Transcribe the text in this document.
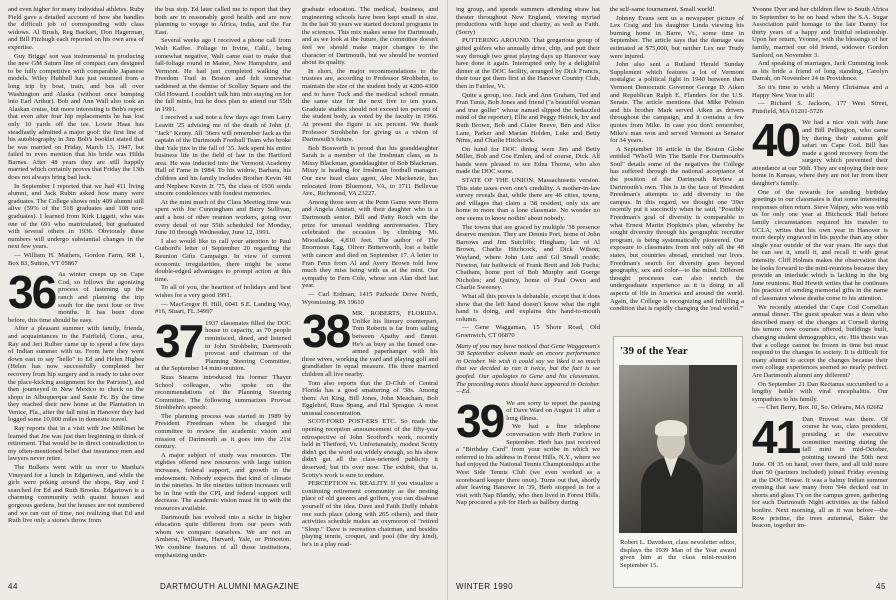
and even higher for many individual athletes. Ruby Field gave a detailed account of how she handles the difficult job of corresponding with class widows. Al Brush, Reg Backart, Don Hagerman, and Bill Fitzhugh each reported on his own area of expertise.

Guy Briggs' son was instrumental in producing the new GM Saturn line of compact cars designed to be fully competitive with comparable Japanese models. Wiley Hubbell has just returned from a long trip by boat, train, and bus all over Washington and Alaska (without once bumping into Earl Arthur). Bob and Ann Wall also took an Alaskan cruise, but more interesting is Bob's report that even after four hip replacements he has lost only 10 yards off the tee. Lowie Haas has steadfastly admitted a major goof: the first line of his autobiography in Jim Bolt's booklet stated that he was married on Friday, March 13, 1947, but failed to even mention that his bride was Hilda Barnes. After 48 years they are still happily married which certainly proves that Friday the 13th does not always bring bad luck.

In September I reported that we had 411 living alumni, and Jack Rubin asked how many were graduates. The College shows only 409 alumni still alive (59% of the 518 graduates and 108 non-graduates). I learned from Kirk Liggett, who was one of the 691 who matriculated, but graduated with several others in 1936. Obviously these numbers will undergo substantial changes in the next few years.

— William H. Mathers, Gordon Farm, RR 1, Box 83, Sutton, VT 05867

36 As winter creeps up on Cape Cod, so follows the agonizing process of fastening up the ranch and planning the trip south for the next four or five months. It has been done before, this time should be easy.

After a pleasant summer with family, friends, and acquaintances in the Fairfield, Conn., area, Ray and Jeri Rulber came up to spend a few days of Indian summer with us. From here they went down east to say "hello" to Ed and Helen Higbee (Helen has now successfully completed her recovery from hip surgery and is ready to take over the place-kicking assignment for the Patriots!), and then journeyed to New Mexico to check on the shops in Albuquerque and Sante Fe. By the time they reached their new home at the Plantation in Venice, Fla., after the fall mini in Hanover they had logged some 10,000 miles in domestic travel.

Ray reports that in a visit with Joe Millimet he learned that Joe was just then beginning to think of retirement. That would be in direct contradiction to my often-mentioned belief that insurance men and lawyers never retire.

The Bulkers went with us over to Martha's Vineyard for a lunch in Edgartown, and while the girls were poking around the shops, Ray and I searched for Ed and Ruth Brooks. Edgartown is a charming community with quaint houses and gorgeous gardens, but the houses are not numbered and we ran out of time, not realizing that Ed and Ruth live only a stone's throw from

the bus stop. Ed later called me to report that they both are in reasonably good health and are now planning to voyage to Africa, India, and the Far East.

Several weeks ago I received a phone call from Walt Kaffee. Foliage in Irvine, Calif., being somewhat negative, Walt came east to make that fall-foliage round in Maine, New Hampshire, and Vermont. He had just completed walking the Freedom Trail in Boston and felt somewhat saddened at the demise of Scollay Square and the Old Howard. I couldn't talk him into staying on for the fall minis, but he does plan to attend our 55th in 1991.

I received a sad note a few days ago from Larry Leavitt '25 advising me of the death of John (J. "Jack" Kenny. All '36ers will remember Jack as the captain of the Dartmouth Football Team who broke that Yale jinx in the fall of '35. Jack spent his entire business life in the field of law in the Hartford area. He was inducted into the Vermont Academy Hall of Fame in 1984. To his widow, Barbara, his children and his family includes Brother Kevin '48 and Nephew Kevin Jr. '75, the class of 1936 sends sincere condolences with fondest memories.

At the mini much of the Class Meeting time was spent with Joe Cunningham and Barry Sullivan, and a host of other reunion workers, going over every detail of our 55th scheduled for Monday, June 10 through Wednesday, June 12, 1991.

I also would like to call your attention to Paul Guibord's letter of September 20 regarding the Reunion Gifts Campaign. In view of current economic irregularities, there might be some double-edged advantages to prompt action at this time.

To all of you, the heartiest of holidays and best wishes for a very good 1991.

— MacGregor H. Hill, 6041 S.E. Landing Way, #16, Stuart, FL 34997

37 1937 classmates filled the DOC house to capacity, as 70 people reminisced, dined, and listened to John Strohbehn, Dartmouth provost and chairman of the Planning Steering Committee, at the September 14 mini-reunion.

Russ Stearns introduced his former Thayer School colleague, who spoke on the recommendations of the Planning Steering Committee. The following summarizes Provost Strohbehn's speech:

The planning process was started in 1989 by President Freedman when he charged the committee to review the academic vision and mission of Dartmouth as it goes into the 21st century.

A major subject of study was resources. The eighties offered new resources with large tuition increases, federal support, and growth in the endowment. Nobody expects that kind of climate in the nineties. In the nineties tuition increases will be in line with the CPI, and federal support will decrease. The academic vision must fit in with the resources available.

Dartmouth has evolved into a niche in higher education quite different from our peers with whom we compare ourselves. We are not an Amherst, Williams, Harvard, Yale, or Princeton. We combine features of all those institutions, emphasizing under-

graduate education. The medical, business, and engineering schools have been kept small in size. In the last 30 years we started doctoral programs in the sciences. This mix makes sense for Dartmouth, and as we look at the future, the committee doesn't feel we should make major changes to the character of Dartmouth, but we should be worried about its quality.

In short, the major recommendations to the trustees are, according to Professor Strohbehn, to maintain the size of the student body at 4200-4300 and to have Tuck and the medical school remain the same size for the next five to ten years. Graduate studies should not exceed ten percent of the student body, as voted by the faculty in 1966. At present the figure is six percent. We thank Professor Strohbehn for giving us a vision of Dartmouth's future.

Bob Bosworth is proud that his granddaughter Sarah is a member of the freshman class, as is Missy Blackman, granddaughter of Bob Blackman. Missy is heading for freshman football manager. Our new head class agent, Alec Mackenzie, has relocated from Bluemont, VA, to 1711 Bellevue Ave., Richmond, VA 23227.

Among those seen at the Penn Game were Herm and Angela Anstatt, with their daughter who is a Dartmouth senior. Bill and Patty Rotch win the prize for unusual wedding anniversaries. They celebrated the occasion by climbing Mt. Moosilauke, 4,810 feet. The author of The Enormous Egg, Oliver Butterworth, lost a battle with cancer and died on September 17. A letter to Fran Fenn from Al and Avery Brown told how much they miss being with us at the mini. Our sympathy to Fern Cole, whose son Alan died last year.

— Carl Erdman, 1415 Parkside Drive North, Wyomissing, PA 19610

38 MR. ROBERTS, FLORIDA. Unlike his literary counterpart, Tom Roberts is far from sailing between Apathy and Ennui. He's as busy as the famed one-armed paperhanger with his three wives, working the yard and playing golf and grandfather in equal measure. His three married children all live nearby.

Tom also reports that the D-Club of Central Florida has a good smattering of '38s. Among them: Art King, Bill Jones, John Meacham, Bob Egglehof, Russ Spang, and Hal Sprague. A most unusual concentration.

SCOT-FORD POST-ERS ETC. So reads the opening reception announcement of the fifty-year retrospective of John Scotford's work, recently held in Thetford, Vt. Unfortunately, modest Scotty didn't get the word out widely enough, so his show didn't get all the class-oriented publicity it deserved, but it's over now. The exhibit, that is. Scotty's work is sure to endure.

PERCEPTION vs. REALITY. If you visualize a continuing retirement community as the nesting place of old geezers and golfers, you can disabuse yourself of the idea. Dave and Faith Duffy inhabit one such place (along with 265 others), and their activities schedule makes an oxymoron of "retired "Sleep." Dave is recreation chairman, and besides playing tennis, croquet, and pool (the dry kind), he's in a play read-

44	DARTMOUTH ALUMNI MAGAZINE

ing group, and spends summers attending straw hat theater throughout New England, viewing myriad productions with hope and charity, as well as Faith. (Sorry)

PUTTERING AROUND. That gregarious group of gifted golfers who annually drive, chip, and putt their way through two great playing days up Hanover way have done it again. Interrupted only by a delightful dinner at the DOC facility, arranged by Dick Francis, their tour got them first at the Hanover Country Club, then in Fairlee, Vt.

Quite a group, too. Jack and Ann Graham, Ted and Fran Tunis, Bob Jones and friend ("a beautiful woman and true golfer" whose named slipped the bedazzled mind of the reporter), Ellie and Peggy Hetrick, Irv and Ruth Brown, Bob and Claire Reeve, Ben and Alice Lane, Parker and Marian Holden, Luke and Betty Nims, and Charlie Hitchcock.

On hand for DOC dining were Jim and Betty Miller, Bob and Coe Emlen, and of course, Dick. All hands were pleased to see Edna Thorne, who also made the DOC scene.

STATE OF THE UNION. Massachusetts version. This state taxes even one's credulity. A mother-in-law survey reveals that, while there are 46 cities, towns, and villages that claim a '38 resident, only six are home to more than a lone classmate. No wonder no one seems to know nothin' about nobody.

The towns that are graced by multiple '38 presence deserve mention. They are Dennis Port, home of John Barrows and Jim Sutcliffe; Hingham, lair of Al Brown, Charlie Hitchcock, and Dick Wilson; Wayland, where John Lutz and Gil Small reside; Newton, fair bailiwick of Frank Brett and Job Fuchs; Chatham, home port of Bob Murphy and Goerge Nicholes; and Quincy, home of Paul Owen and Charlie Sweeney.

What all this proves is debatable, except that it does show that the left hand doesn't know what the right hand is doing, and explains this hand-to-mouth column.

— Gene Waggaman, 15 Shore Road, Old Greenwich, CT 06870

Many of you may have noticed that Gene Waggaman's '38 September column made an encore performance in October. We wish it could say we liked it so much that we decided to run it twice, but the fact is we goofed. Our apologies to Gene and his classmates. The preceding notes should have appeared in October.—Ed.

39 We are sorry to report the passing of Dave Ward on August 11 after a long illness.

We had a fine telephone conversation with Herb Furlow in September. Herb has just received a "Birthday Card" from your scribe in which we referred to his address in Forest Hills, N.Y., where we had enjoyed the National Tennis Championships at the West Side Tennis Club (we even worked as a scoreboard keeper there once). Turns out that, shortly after leaving Hanover in '39, Herb stopped in for a visit with Nap Blandy, who then lived in Forest Hills. Nap procured a job for Herb as ballboy during

the self-same tournament. Small world!

Johnny Evans sent us a newspaper picture of Lex Craig and his daughter Linda viewing his burning home in Barre, Vt., some time in September. The article says that the damage was estimated at $75,000, but neither Lex nor Trudy were injured.

John also sent a Rutland Herald Sunday Supplement which features a lot of Vermont nostalgia: a political fight in 1940 between then Vermont Democratic Governor George D. Aiken and Republican Ralph E. Flanders for the U.S. Senate. The article mentions that Mike Pelosin and his brother Mark served Aiken as drivers throughout the campaign, and it contains a few quotes from Mike. In case you don't remember, Mike's man won and served Vermont as Senator for 34 years.

A September 18 article in the Boston Globe entitled "Who'll Win The Battle For Dartmouth's Soul" details some of the negatives the College has suffered through the national acceptance of the position of the Dartmouth Review as Dartmouth's own. This is in the face of President Freedman's attempts to add diversity to the campus. In this regard, we thought one '39er recently put it succinctly when he said, "Possibly Freedman's goal of diversity is comparable to what Ernest Martin Hopkins's plan, whereby he sought diversity through his geographic recruiter program, is being systematically pioneered. Our exposure to classmates from not only all the 48 states, but countries abroad, enriched our lives. Freedman's search for diversity goes beyond geography, sex and color—to the mind. Different thought processes can also enrich the undergraduate experience as it is doing in all aspects of life in America and around the world. Again, the College is recognizing and fulfilling a condition that is rapidly changing the 'real world.'"

'39 of the Year
Robert L. Davidson, class newsletter editor, displays the 1939 Man of the Year award given him at the class mini-reunion September 15.

Yvonne Dyer and her children flew to South Africa in September to be on hand when the S.A. Sugar Association paid homage to the late Danny for thirty years of a happy and fruitful relationship. Upon her return, Yvonne, with the blessings of her family, married our old friend, widower Gordon Sanford, on November 3.

And speaking of marriages, Jack Cumming took as his bride a friend of long standing, Carolyn Darrah, on November 24 in Providence.

So it's time to wish a Merry Christmas and a Happy New Year to all!

— Richard S. Jackson, 177 West Street, Pittsfield, MA 01201-5726

40 We had a nice visit with Jane and Bill Pellington, who came by during their autumn golf safari on Cape Cod. Bill has made a good recovery from the surgery which prevented their attendance at our 50th. They are enjoying their new home in Kansas, where they are not far from their daughter's family.

One of the rewards for sending birthday greetings to our classmates is that some interesting responses often return. Steve Valpey, who was with us for only one year at Hitchcock Hall before family circumstances required his transfer to UCLA, writes that his own year in Hanover is more deeply engraved in his psyche than any other single year outside of the war years. He says that he can see it, smell it, and recall it with great intensity. Cliff Holmes makes the observation that he looks forward to the mini-reunions because they provide an interlude which is lacking in the big June reunions. Bud Hewitt writes that he continues his practice of sending memorial gifts in the name of classmates whose deaths come to his attention.

We recently attended the Cape Cod Cornelian annual dinner. The guest speaker was a dean who described many of the changes at Cornell during his tenure: new courses offered, buildings built, changing student demographics, etc. His thesis was that a college cannot be frozen in time but must respond to the changes in society. It is difficult for many alumni to accept the changes because their own college experiences seemed so nearly perfect. Are Dartmouth alumni any different?

On September 21 Dan Rectanus succumbed to a lengthy battle with viral encephalitis. Our sympathies to his family.

— Chet Berry, Box 10, So. Orleans, MA 02662

41 Dan Provost was there. Of course he was, class president, presiding at the executive committee meeting during the fall mini in mid-October, pointing toward the 50th next June. Of 35 on hand, over there, and all told more than 50 (partners included) joined Friday evening at the DOC House. It was a balmy Indian summer evening that saw many from '94s decked out in shorts and glass T's on the campus green, gathering for such Dartmouth Night activities as the fabled bonfire. Next morning, all as it was before—the Row pristine, the trees autumnal, Baker the beacon, together im-

WINTER 1990	45
